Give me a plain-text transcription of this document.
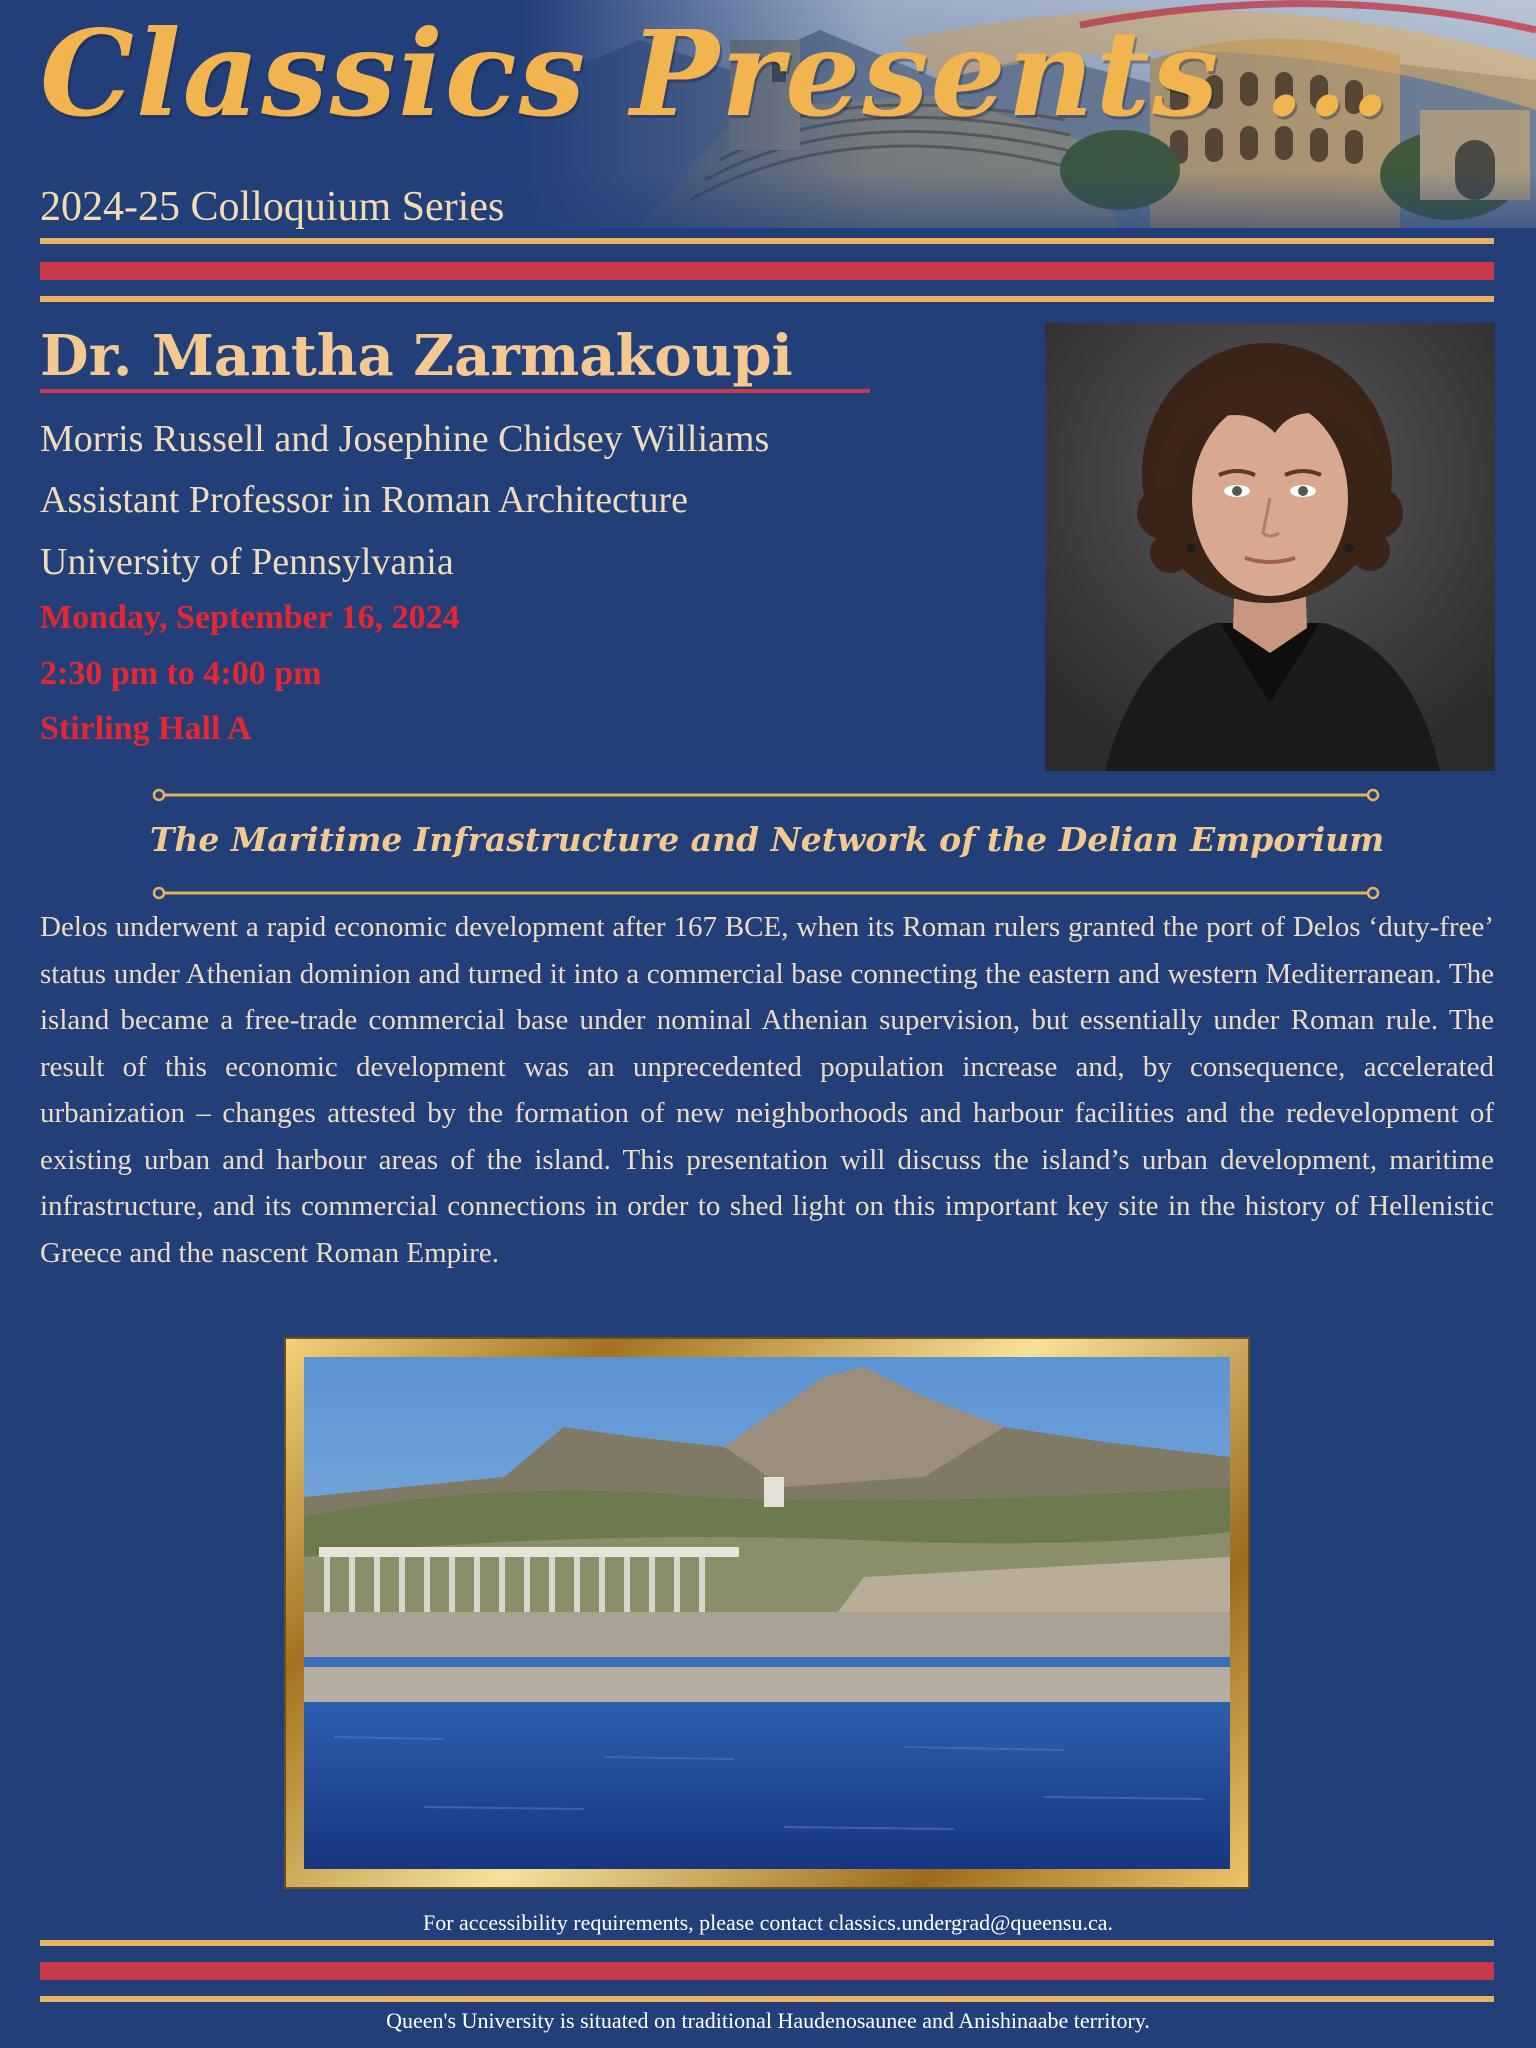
Classics Presents ...

2024-25 Colloquium Series

Dr. Mantha Zarmakoupi

Morris Russell and Josephine Chidsey Williams

Assistant Professor in Roman Architecture

University of Pennsylvania

Monday, September 16, 2024

2:30 pm to 4:00 pm

Stirling Hall A

The Maritime Infrastructure and Network of the Delian Emporium

Delos underwent a rapid economic development after 167 BCE, when its Roman rulers granted the port of Delos ‘duty-free’ status under Athenian dominion and turned it into a commercial base connecting the eastern and western Mediterranean. The island became a free-trade commercial base under nominal Athenian supervision, but essentially under Roman rule. The result of this economic development was an unprecedented population increase and, by consequence, accelerated urbanization – changes attested by the formation of new neighborhoods and harbour facilities and the redevelopment of existing urban and harbour areas of the island. This presentation will discuss the island’s urban development, maritime infrastructure, and its commercial connections in order to shed light on this important key site in the history of Hellenistic Greece and the nascent Roman Empire.

For accessibility requirements, please contact classics.undergrad@queensu.ca.

Queen's University is situated on traditional Haudenosaunee and Anishinaabe territory.
